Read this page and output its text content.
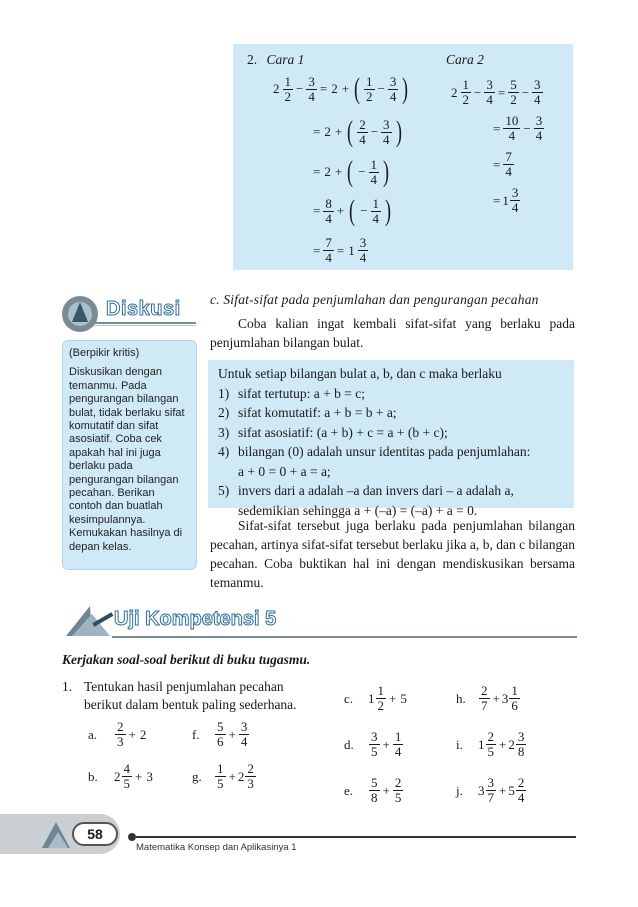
2. Cara 1	Cara 2
$2 \frac{1}{2} - \frac{3}{4} = 2$ + ( $\frac{1}{2} - \frac{3}{4}$ )
= 2 + ( $\frac{2}{4} - \frac{3}{4}$ )
= 2 + ( − $\frac{1}{4}$ )
= $\frac{8}{4}$ + ( − $\frac{1}{4}$ )
= $\frac{7}{4} = 1 \frac{3}{4}$
$2 \frac{1}{2} - \frac{3}{4} = \frac{5}{2} - \frac{3}{4}$
= $\frac{10}{4} - \frac{3}{4}$
= $\frac{7}{4}$
= $1 \frac{3}{4}$
Diskusi
(Berpikir kritis)
Diskusikan dengan temanmu. Pada pengurangan bilangan bulat, tidak berlaku sifat komutatif dan sifat asosiatif. Coba cek apakah hal ini juga berlaku pada pengurangan bilangan pecahan. Berikan contoh dan buatlah kesimpulannya. Kemukakan hasilnya di depan kelas.
c. Sifat-sifat pada penjumlahan dan pengurangan pecahan
Coba kalian ingat kembali sifat-sifat yang berlaku pada penjumlahan bilangan bulat.
Untuk setiap bilangan bulat a, b, dan c maka berlaku
1) sifat tertutup: a + b = c;
2) sifat komutatif: a + b = b + a;
3) sifat asosiatif: (a + b) + c = a + (b + c);
4) bilangan (0) adalah unsur identitas pada penjumlahan:
a + 0 = 0 + a = a;
5) invers dari a adalah –a dan invers dari – a adalah a,
sedemikian sehingga a + (–a) = (–a) + a = 0.
Sifat-sifat tersebut juga berlaku pada penjumlahan bilangan pecahan, artinya sifat-sifat tersebut berlaku jika a, b, dan c bilangan pecahan. Coba buktikan hal ini dengan mendiskusikan bersama temanmu.
Uji Kompetensi 5
Kerjakan soal-soal berikut di buku tugasmu.
1. Tentukan hasil penjumlahan pecahan berikut dalam bentuk paling sederhana.
a.	$\frac{2}{3} + 2$	f.	$\frac{5}{6} + \frac{3}{4}$
b.	$2 \frac{4}{5} + 3$	g.	$\frac{1}{5} + 2 \frac{2}{3}$
c.	$1 \frac{1}{2} + 5$	h.	$\frac{2}{7} + 3 \frac{1}{6}$
d.	$\frac{3}{5} + \frac{1}{4}$	i.	$1 \frac{2}{5} + 2 \frac{3}{8}$
e.	$\frac{5}{8} + \frac{2}{5}$	j.	$3 \frac{3}{7} + 5 \frac{2}{4}$
58
Matematika Konsep dan Aplikasinya 1
